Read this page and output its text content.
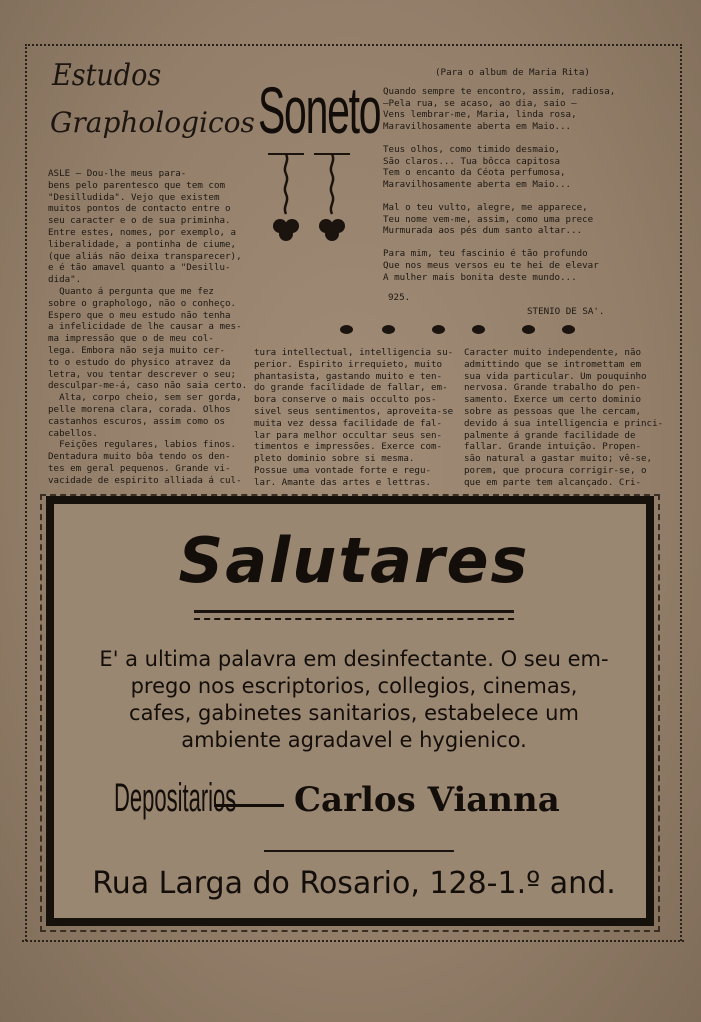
Estudos
Graphologicos Soneto
(Para o album de Maria Rita)
Quando sempre te encontro, assim, radiosa,
—Pela rua, se acaso, ao dia, saio —
Vens lembrar-me, Maria, linda rosa,
Maravilhosamente aberta em Maio...

Teus olhos, como timido desmaio,
São claros... Tua bôcca capitosa
Tem o encanto da Céota perfumosa,
Maravilhosamente aberta em Maio...

Mal o teu vulto, alegre, me apparece,
Teu nome vem-me, assim, como uma prece
Murmurada aos pés dum santo altar...

Para mim, teu fascinio é tão profundo
Que nos meus versos eu te hei de elevar
A mulher mais bonita deste mundo...
925.
STENIO DE SA'.
ASLE — Dou-lhe meus para-
bens pelo parentesco que tem com
"Desilludida". Vejo que existem
muitos pontos de contacto entre o
seu caracter e o de sua priminha.
Entre estes, nomes, por exemplo, a
liberalidade, a pontinha de ciume,
(que aliás não deixa transparecer),
e é tão amavel quanto a "Desillu-
dida".
Quanto á pergunta que me fez
sobre o graphologo, não o conheço.
Espero que o meu estudo não tenha
a infelicidade de lhe causar a mes-
ma impressão que o de meu col-
lega. Embora não seja muito cer-
to o estudo do physico atravez da
letra, vou tentar descrever o seu;
desculpar-me-á, caso não saia certo.
Alta, corpo cheio, sem ser gorda,
pelle morena clara, corada. Olhos
castanhos escuros, assim como os
cabellos.
Feições regulares, labios finos.
Dentadura muito bôa tendo os den-
tes em geral pequenos. Grande vi-
vacidade de espirito alliada á cul-
tura intellectual, intelligencia su-
perior. Espirito irrequieto, muito
phantasista, gastando muito e ten-
do grande facilidade de fallar, em-
bora conserve o mais occulto pos-
sivel seus sentimentos, aproveita-se
muita vez dessa facilidade de fal-
lar para melhor occultar seus sen-
timentos e impressões. Exerce com-
pleto dominio sobre si mesma.
Possue uma vontade forte e regu-
lar. Amante das artes e lettras.
Caracter muito independente, não
admittindo que se intromettam em
sua vida particular. Um pouquinho
nervosa. Grande trabalho do pen-
samento. Exerce um certo dominio
sobre as pessoas que lhe cercam,
devido á sua intelligencia e princi-
palmente á grande facilidade de
fallar. Grande intuição. Propen-
são natural a gastar muito; vê-se,
porem, que procura corrigir-se, o
que em parte tem alcançado. Cri-
Salutares
E' a ultima palavra em desinfectante. O seu em-
prego nos escriptorios, collegios, cinemas,
cafes, gabinetes sanitarios, estabelece um
ambiente agradavel e hygienico.
Depositarios Carlos Vianna
Rua Larga do Rosario, 128-1.º and.
